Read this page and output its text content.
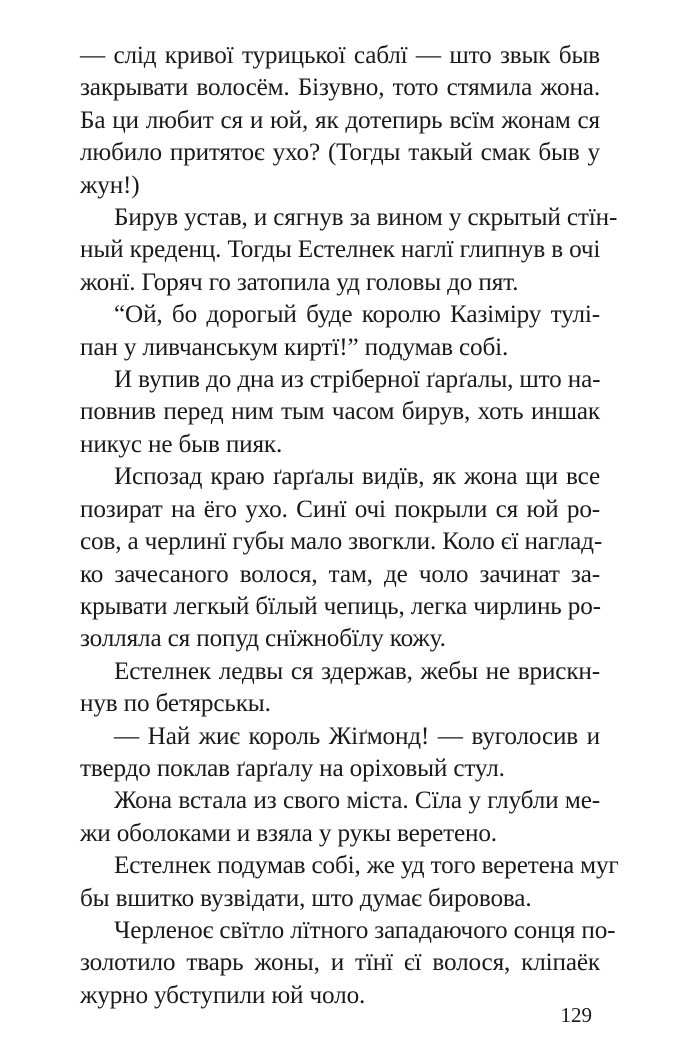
— слід кривої турицької саблї — што звык быв
закрывати волосём. Бізувно, тото стямила жона.
Ба ци любит ся и юй, як дотепирь всїм жонам ся
любило притятоє ухо? (Тогды такый смак быв у
жун!)
Бирув устав, и сягнув за вином у скрытый стїн-
ный креденц. Тогды Естелнек наглї глипнув в очі
жонї. Горяч го затопила уд головы до пят.
“Ой, бо дорогый буде королю Казіміру тулі-
пан у ливчанськум киртї!” подумав собі.
И вупив до дна из стріберної ґарґалы, што на-
повнив перед ним тым часом бирув, хоть иншак
никус не быв пияк.
Испозад краю ґарґалы видїв, як жона щи все
позират на ёго ухо. Синї очі покрыли ся юй ро-
сов, а черлинї губы мало звогкли. Коло єї наглад-
ко зачесаного волося, там, де чоло зачинат за-
крывати легкый бїлый чепиць, легка чирлинь ро-
золляла ся попуд снїжнобїлу кожу.
Естелнек ледвы ся здержав, жебы не врискн-
нув по бетярськы.
— Най жиє король Жіґмонд! — вуголосив и
твердо поклав ґарґалу на оріховый стул.
Жона встала из свого міста. Сїла у глубли ме-
жи оболоками и взяла у рукы веретено.
Естелнек подумав собі, же уд того веретена муг
бы вшитко вузвідати, што думає бировова.
Черленоє свїтло лїтного западаючого сонця по-
золотило тварь жоны, и тїнї єї волося, кліпаёк
журно убступили юй чоло.
129
